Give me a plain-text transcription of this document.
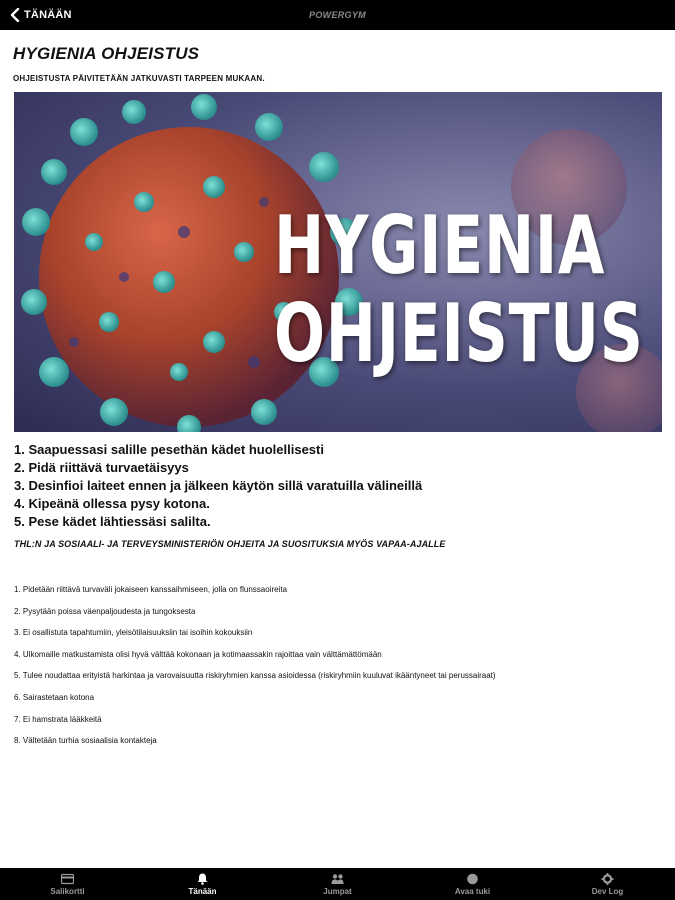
TÄNÄÄN	POWERGYM
HYGIENIA OHJEISTUS
OHJEISTUSTA PÄIVITETÄÄN JATKUVASTI TARPEEN MUKAAN.
HYGIENIA
OHJEISTUS
1. Saapuessasi salille pesethän kädet huolellisesti
2. Pidä riittävä turvaetäisyys
3. Desinfioi laiteet ennen ja jälkeen käytön sillä varatuilla välineillä
4. Kipeänä ollessa pysy kotona.
5. Pese kädet lähtiessäsi salilta.
THL:N JA SOSIAALI- JA TERVEYSMINISTERIÖN OHJEITA JA SUOSITUKSIA MYÖS VAPAA-AJALLE
1. Pidetään riittävä turvaväli jokaiseen kanssaihmiseen, jolla on flunssaoireita
2. Pysytään poissa väenpaljoudesta ja tungoksesta
3. Ei osallistuta tapahtumiin, yleisötilaisuuksiin tai isoihin kokouksiin
4. Ulkomaille matkustamista olisi hyvä välttää kokonaan ja kotimaassakin rajoittaa vain välttämättömään
5. Tulee noudattaa erityistä harkintaa ja varovaisuutta riskiryhmien kanssa asioidessa (riskiryhmiin kuuluvat ikääntyneet tai perussairaat)
6. Sairastetaan kotona
7. Ei hamstrata lääkkeitä
8. Vältetään turhia sosiaalisia kontakteja
Salikortti	Tänään	Jumpat	Avaa tuki	Dev Log
